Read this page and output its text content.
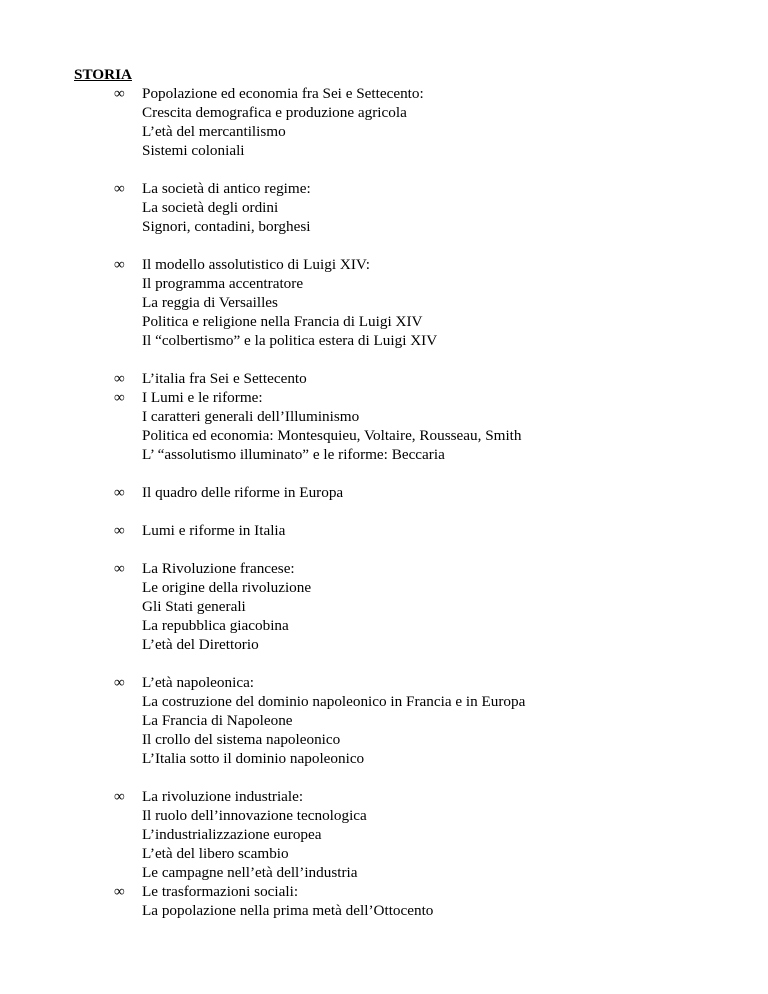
STORIA
∞ Popolazione ed economia fra Sei e Settecento:
Crescita demografica e produzione agricola
L’età del mercantilismo
Sistemi coloniali
∞ La società di antico regime:
La società degli ordini
Signori, contadini, borghesi
∞ Il modello assolutistico di Luigi XIV:
Il programma accentratore
La reggia di Versailles
Politica e religione nella Francia di Luigi XIV
Il “colbertismo” e la politica estera di Luigi XIV
∞ L’italia fra Sei e Settecento
∞ I Lumi e le riforme:
I caratteri generali dell’Illuminismo
Politica ed economia: Montesquieu, Voltaire, Rousseau, Smith
L’ “assolutismo illuminato” e le riforme: Beccaria
∞ Il quadro delle riforme in Europa
∞ Lumi e riforme in Italia
∞ La Rivoluzione francese:
Le origine della rivoluzione
Gli Stati generali
La repubblica giacobina
L’età del Direttorio
∞ L’età napoleonica:
La costruzione del dominio napoleonico in Francia e in Europa
La Francia di Napoleone
Il crollo del sistema napoleonico
L’Italia sotto il dominio napoleonico
∞ La rivoluzione industriale:
Il ruolo dell’innovazione tecnologica
L’industrializzazione europea
L’età del libero scambio
Le campagne nell’età dell’industria
∞ Le trasformazioni sociali:
La popolazione nella prima metà dell’Ottocento
